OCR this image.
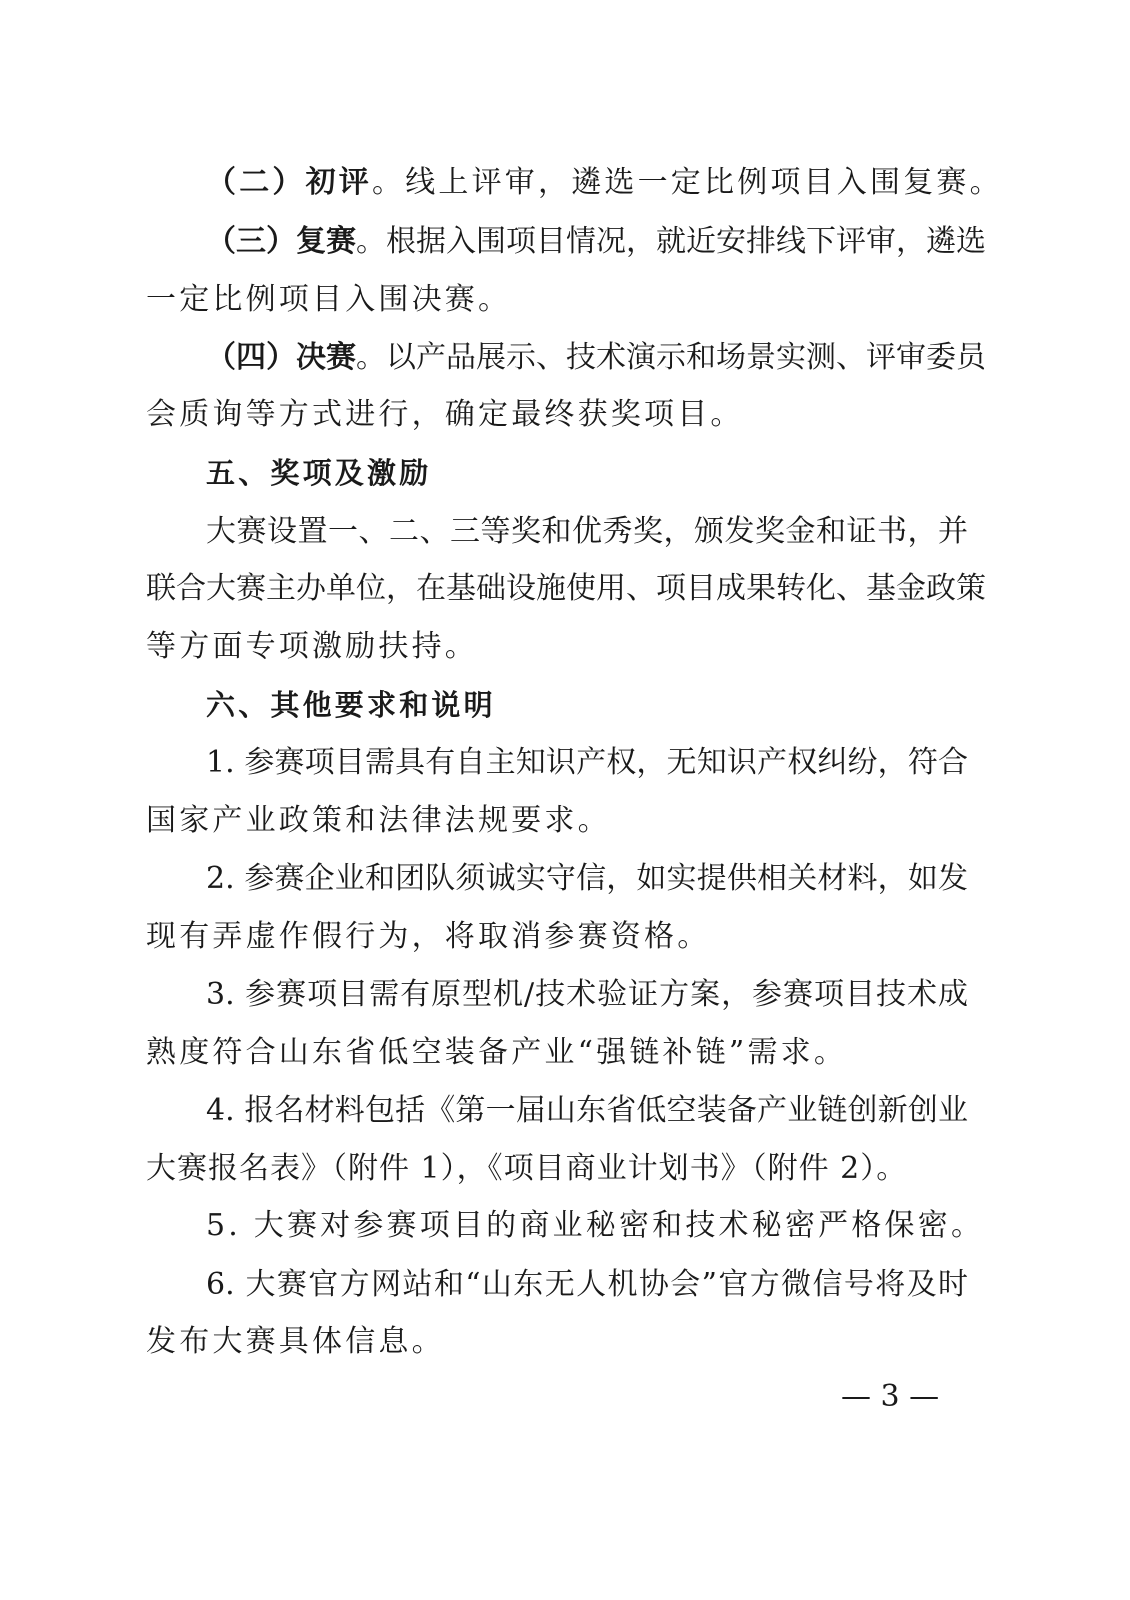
（二）初评。线上评审，遴选一定比例项目入围复赛。
（三）复赛。根据入围项目情况，就近安排线下评审，遴选
一定比例项目入围决赛。
（四）决赛。以产品展示、技术演示和场景实测、评审委员
会质询等方式进行，确定最终获奖项目。
五、奖项及激励
大赛设置一、二、三等奖和优秀奖，颁发奖金和证书，并
联合大赛主办单位，在基础设施使用、项目成果转化、基金政策
等方面专项激励扶持。
六、其他要求和说明
1. 参赛项目需具有自主知识产权，无知识产权纠纷，符合
国家产业政策和法律法规要求。
2. 参赛企业和团队须诚实守信，如实提供相关材料，如发
现有弄虚作假行为，将取消参赛资格。
3. 参赛项目需有原型机/技术验证方案，参赛项目技术成
熟度符合山东省低空装备产业“强链补链”需求。
4. 报名材料包括《第一届山东省低空装备产业链创新创业
大赛报名表》（附件 1），《项目商业计划书》（附件 2）。
5. 大赛对参赛项目的商业秘密和技术秘密严格保密。
6. 大赛官方网站和“山东无人机协会”官方微信号将及时
发布大赛具体信息。
— 3 —
